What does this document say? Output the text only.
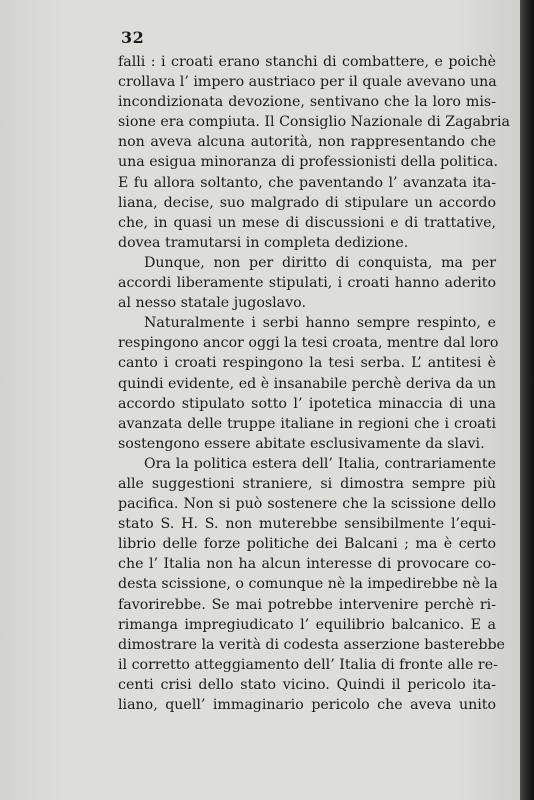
32
falli : i croati erano stanchi di combattere, e poichè
crollava l’ impero austriaco per il quale avevano una
incondizionata devozione, sentivano che la loro mis-
sione era compiuta. Il Consiglio Nazionale di Zagabria
non aveva alcuna autorità, non rappresentando che
una esigua minoranza di professionisti della politica.
E fu allora soltanto, che paventando l’ avanzata ita-
liana, decise, suo malgrado di stipulare un accordo
che, in quasi un mese di discussioni e di trattative,
dovea tramutarsi in completa dedizione.
Dunque, non per diritto di conquista, ma per
accordi liberamente stipulati, i croati hanno aderito
al nesso statale jugoslavo.
Naturalmente i serbi hanno sempre respinto, e
respingono ancor oggi la tesi croata, mentre dal loro
canto i croati respingono la tesi serba. L’ antitesi è
quindi evidente, ed è insanabile perchè deriva da un
accordo stipulato sotto l’ ipotetica minaccia di una
avanzata delle truppe italiane in regioni che i croati
sostengono essere abitate esclusivamente da slavi.
Ora la politica estera dell’ Italia, contrariamente
alle suggestioni straniere, si dimostra sempre più
pacifica. Non si può sostenere che la scissione dello
stato S. H. S. non muterebbe sensibilmente l’equi-
librio delle forze politiche dei Balcani ; ma è certo
che l’ Italia non ha alcun interesse di provocare co-
desta scissione, o comunque nè la impedirebbe nè la
favorirebbe. Se mai potrebbe intervenire perchè ri-
rimanga impregiudicato l’ equilibrio balcanico. E a
dimostrare la verità di codesta asserzione basterebbe
il corretto atteggiamento dell’ Italia di fronte alle re-
centi crisi dello stato vicino. Quindi il pericolo ita-
liano, quell’ immaginario pericolo che aveva unito
